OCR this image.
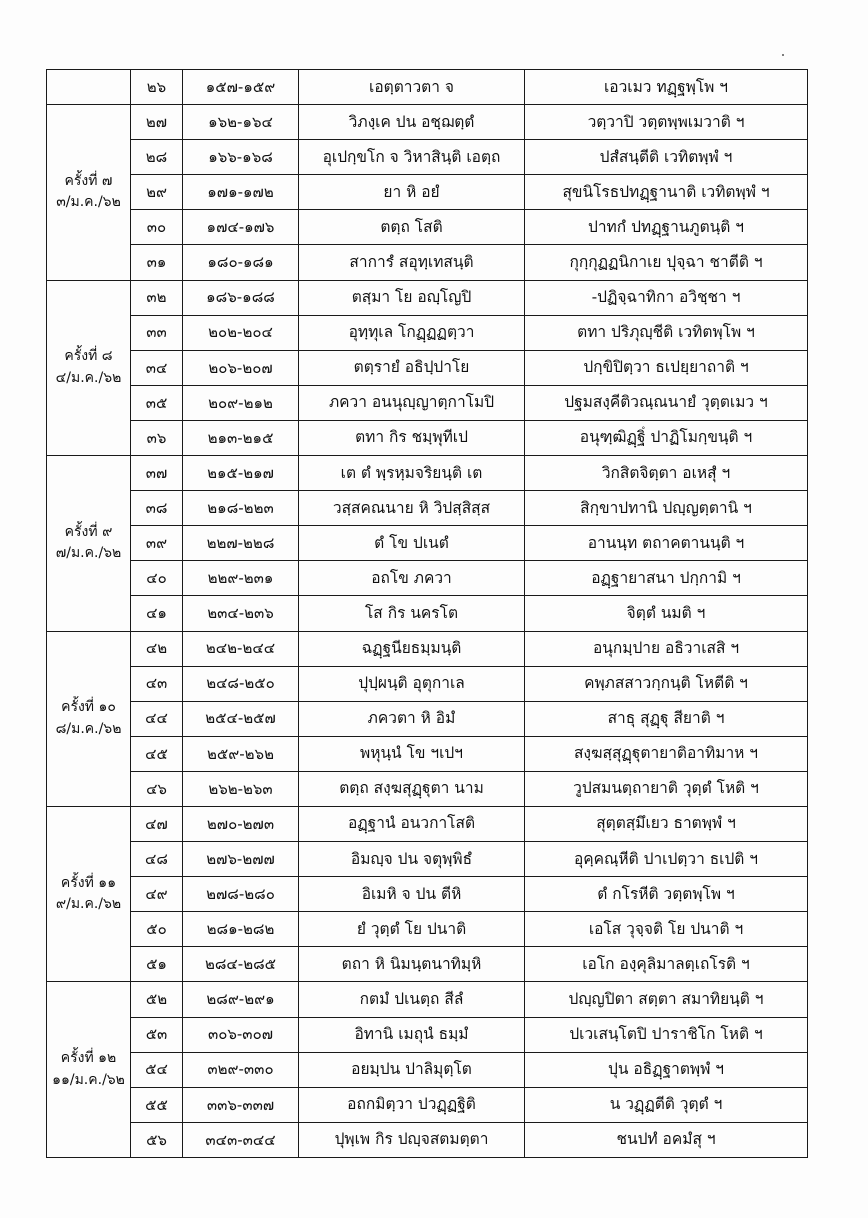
	๒๖	๑๕๗-๑๕๙	เอตฺตาวตา จ	เอวเมว ทฏฺฐพฺโพ ฯ

ครั้งที่ ๗
๓/ม.ค./๖๒	๒๗	๑๖๒-๑๖๔	วิภงฺเค ปน อชฺฌตฺตํ	วตฺวาปิ วตฺตพฺพเมวาติ ฯ
	๒๘	๑๖๖-๑๖๘	อุเปกฺขโก จ วิหาสินฺติ เอตฺถ	ปสํสนฺตีติ เวทิตพฺพํ ฯ
	๒๙	๑๗๑-๑๗๒	ยา หิ อยํ	สุขนิโรธปทฏฺฐานาติ เวทิตพฺพํ ฯ
	๓๐	๑๗๔-๑๗๖	ตตฺถ โสติ	ปาทกํ ปทฏฺฐานภูตนฺติ ฯ
	๓๑	๑๘๐-๑๘๑	สาการํ สอุทฺเทสนฺติ	กุกฺกุฏฏนิกาเย ปุจฺฉา ชาตีติ ฯ

ครั้งที่ ๘
๔/ม.ค./๖๒	๓๒	๑๘๖-๑๘๘	ตสฺมา โย อญฺโญปิ	-ปฏิจฺฉาทิกา อวิชฺชา ฯ
	๓๓	๒๐๒-๒๐๔	อุทฺทุเล โกฏฺฏฏตฺวา	ตทา ปริภุญฺชีติ เวทิตพฺโพ ฯ
	๓๔	๒๐๖-๒๐๗	ตตฺรายํ อธิปฺปาโย	ปกฺขิปิตฺวา ธเปยฺยาถาติ ฯ
	๓๕	๒๐๙-๒๑๒	ภควา อนนุญฺญาตฺกาโมปิ	ปฐมสงฺคีติวณฺณนายํ วุตฺตเมว ฯ
	๓๖	๒๑๓-๒๑๕	ตทา กิร ชมฺพุทีเป	อนุฑฺฒิฏฺฐิํ ปาฏิโมกฺขนฺติ ฯ

ครั้งที่ ๙
๗/ม.ค./๖๒	๓๗	๒๑๕-๒๑๗	เต ตํ พฺรหฺมจริยนฺติ เต	วิกสิตจิตฺตา อเหสุํ ฯ
	๓๘	๒๑๘-๒๒๓	วสฺสคณนาย หิ วิปสฺสิสฺส	สิกฺขาปทานิ ปญฺญตฺตานิ ฯ
	๓๙	๒๒๗-๒๒๘	ตํ โข ปเนตํ	อานนฺท ตถาคตานนฺติ ฯ
	๔๐	๒๒๙-๒๓๑	อถโข ภควา	อฏฺฐายาสนา ปกฺกามิ ฯ
	๔๑	๒๓๔-๒๓๖	โส กิร นครโต	จิตฺตํ นมติ ฯ

ครั้งที่ ๑๐
๘/ม.ค./๖๒	๔๒	๒๔๒-๒๔๔	ฉฏฺฐนียธมฺมนฺติ	อนุกมฺปาย อธิวาเสสิ ฯ
	๔๓	๒๔๘-๒๕๐	ปุปฺผนฺติ อุตุกาเล	คพฺภสสาวกฺกนฺติ โหตีติ ฯ
	๔๔	๒๕๔-๒๕๗	ภควตา หิ อิมํ	สาธุ สุฏฺฐุ สียาติ ฯ
	๔๕	๒๕๙-๒๖๒	พหุนฺนํ โข ฯเปฯ	สงฺฆสฺสุฏฺฐุตายาติอาทิมาห ฯ
	๔๖	๒๖๒-๒๖๓	ตตฺถ สงฺฆสุฏฺฐุตา นาม	วูปสมนตฺถายาติ วุตฺตํ โหติ ฯ

ครั้งที่ ๑๑
๙/ม.ค./๖๒	๔๗	๒๗๐-๒๗๓	อฏฺฐานํ อนวกาโสติ	สุตฺตสฺมึเยว ธาตพฺพํ ฯ
	๔๘	๒๗๖-๒๗๗	อิมญฺจ ปน จตุพฺพิธํ	อุคฺคณฺหีติ ปาเปตฺวา ธเปติ ฯ
	๔๙	๒๗๘-๒๘๐	อิเมหิ จ ปน ตีหิ	ตํ กโรหีติ วตฺตพฺโพ ฯ
	๕๐	๒๘๑-๒๘๒	ยํ วุตฺตํ โย ปนาติ	เอโส วุจฺจติ โย ปนาติ ฯ
	๕๑	๒๘๔-๒๘๕	ตถา หิ นิมนฺตนาทิมฺหิ	เอโก องฺคุลิมาลตฺเถโรติ ฯ

ครั้งที่ ๑๒
๑๑/ม.ค./๖๒	๕๒	๒๘๙-๒๙๑	กตมํ ปเนตฺถ สีลํ	ปญฺญปิตา สตฺตา สมาทิยนฺติ ฯ
	๕๓	๓๐๖-๓๐๗	อิทานิ เมถุนํ ธมฺมํ	ปเวเสนฺโตปิ ปาราชิโก โหติ ฯ
	๕๔	๓๒๙-๓๓๐	อยมฺปน ปาลิมุตฺโต	ปุน อธิฏฺฐาตพฺพํ ฯ
	๕๕	๓๓๖-๓๓๗	อถกมิตฺวา ปวฏฺฏฐิติ	น วฏฺฏตีติ วุตฺตํ ฯ
	๕๖	๓๔๓-๓๔๔	ปุพฺเพ กิร ปญฺจสตมตฺตา	ชนปทํ อคมํสุ ฯ
